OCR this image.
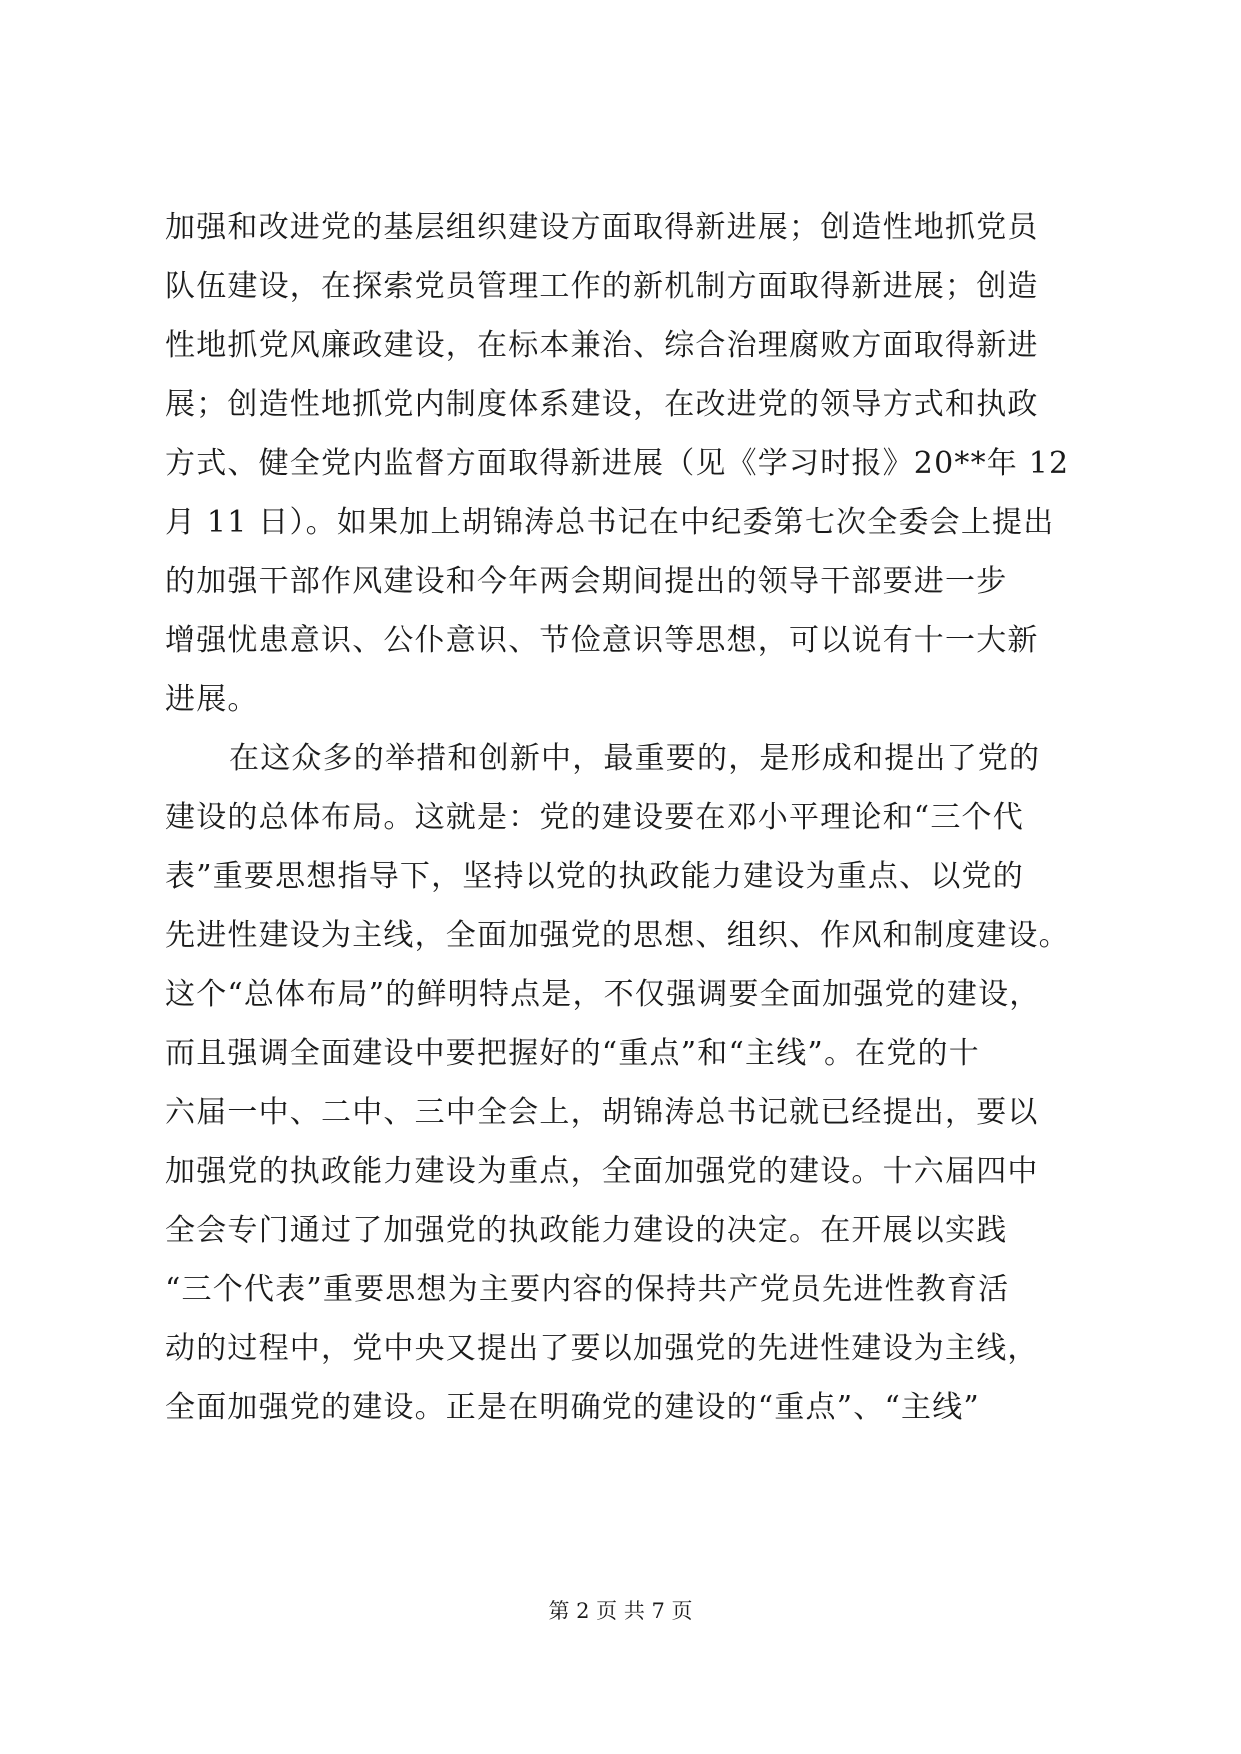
加强和改进党的基层组织建设方面取得新进展；创造性地抓党员
队伍建设，在探索党员管理工作的新机制方面取得新进展；创造
性地抓党风廉政建设，在标本兼治、综合治理腐败方面取得新进
展；创造性地抓党内制度体系建设，在改进党的领导方式和执政
方式、健全党内监督方面取得新进展（见《学习时报》20**年 12
月 11 日）。如果加上胡锦涛总书记在中纪委第七次全委会上提出
的加强干部作风建设和今年两会期间提出的领导干部要进一步
增强忧患意识、公仆意识、节俭意识等思想，可以说有十一大新
进展。
在这众多的举措和创新中，最重要的，是形成和提出了党的
建设的总体布局。这就是：党的建设要在邓小平理论和“三个代
表”重要思想指导下，坚持以党的执政能力建设为重点、以党的
先进性建设为主线，全面加强党的思想、组织、作风和制度建设。
这个“总体布局”的鲜明特点是，不仅强调要全面加强党的建设，
而且强调全面建设中要把握好的“重点”和“主线”。在党的十
六届一中、二中、三中全会上，胡锦涛总书记就已经提出，要以
加强党的执政能力建设为重点，全面加强党的建设。十六届四中
全会专门通过了加强党的执政能力建设的决定。在开展以实践
“三个代表”重要思想为主要内容的保持共产党员先进性教育活
动的过程中，党中央又提出了要以加强党的先进性建设为主线，
全面加强党的建设。正是在明确党的建设的“重点”、“主线”
第 2 页 共 7 页
